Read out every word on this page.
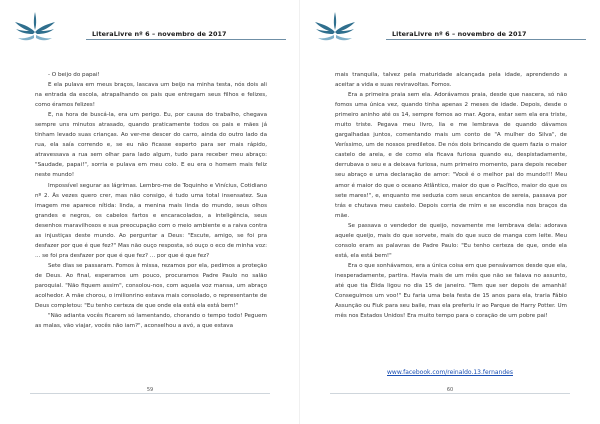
LiteraLivre nº 6 – novembro de 2017

- O beijo do papai!

E ela pulava em meus braços, lascava um beijo na minha testa, nós dois ali na entrada da escola, atrapalhando os pais que entregam seus filhos e felizes, como éramos felizes!

E, na hora de buscá-la, era um perigo. Eu, por causa do trabalho, chegava sempre uns minutos atrasado, quando praticamente todos os pais e mães já tinham levado suas crianças. Ao ver-me descer do carro, ainda do outro lado da rua, ela saía correndo e, se eu não ficasse esperto para ser mais rápido, atravessava a rua sem olhar para lado algum, tudo para receber meu abraço: "Saudade, papai!", sorria e pulava em meu colo. E eu era o homem mais feliz neste mundo!

Impossível segurar as lágrimas. Lembro-me de Toquinho e Vinícius, Cotidiano nº 2. Às vezes quero crer, mas não consigo, é tudo uma total insensatez. Sua imagem me aparece nítida: linda, a menina mais linda do mundo, seus olhos grandes e negros, os cabelos fartos e encaracolados, a inteligência, seus desenhos maravilhosos e sua preocupação com o meio ambiente e a raiva contra as injustiças deste mundo. Ao perguntar a Deus: "Escute, amigo, se foi pra desfazer por que é que fez?" Mas não ouço resposta, só ouço o eco de minha voz: ... se foi pra desfazer por que é que fez? ... por que é que fez?

Sete dias se passaram. Fomos à missa, rezamos por ela, pedimos a proteção de Deus. Ao final, esperamos um pouco, procuramos Padre Paulo no salão paroquial. "Não fiquem assim", consolou-nos, com aquela voz mansa, um abraço acolhedor. A mãe chorou, o imilionrino estava mais consolado, o representante de Deus completou: "Eu tenho certeza de que onde ela está ela está bem!"

"Não adianta vocês ficarem só lamentando, chorando o tempo todo! Peguem as malas, vão viajar, vocês não iam?", aconselhou a avó, a que estava

59
LiteraLivre nº 6 – novembro de 2017

mais tranquila, talvez pela maturidade alcançada pela idade, aprendendo a aceitar a vida e suas reviravoltas. Fomos.

Era a primeira praia sem ela. Adorávamos praia, desde que nascera, só não fomos uma única vez, quando tinha apenas 2 meses de idade. Depois, desde o primeiro aninho até os 14, sempre fomos ao mar. Agora, estar sem ela era triste, muito triste. Pegava meu livro, lia e me lembrava de quando dávamos gargalhadas juntos, comentando mais um conto de "A mulher do Silva", de Veríssimo, um de nossos prediletos. De nós dois brincando de quem fazia o maior castelo de areia, e de como ela ficava furiosa quando eu, despistadamente, derrubava o seu e a deixava furiosa, num primeiro momento, para depois receber seu abraço e uma declaração de amor: "Você é o melhor pai do mundo!!! Meu amor é maior do que o oceano Atlântico, maior do que o Pacífico, maior do que os sete mares!", e, enquanto me seduzia com seus encantos de sereia, passava por trás e chutava meu castelo. Depois corria de mim e se escondia nos braços da mãe.

Se passava o vendedor de queijo, novamente me lembrava dela: adorava aquele queijo, mais do que sorvete, mais do que suco de manga com leite. Meu consolo eram as palavras de Padre Paulo: "Eu tenho certeza de que, onde ela está, ela está bem!"

Era o que sonhávamos, era a única coisa em que pensávamos desde que ela, inesperadamente, partira. Havia mais de um mês que não se falava no assunto, até que tia Élida ligou no dia 15 de janeiro. "Tem que ser depois de amanhã! Conseguimos um voo!" Eu faria uma bela festa de 15 anos para ela, traria Fábio Assunção ou Fiuk para seu baile, mas ela preferiu ir ao Parque de Harry Potter. Um mês nos Estados Unidos! Era muito tempo para o coração de um pobre pai!

www.facebook.com/reinaldo.13.fernandes
60
